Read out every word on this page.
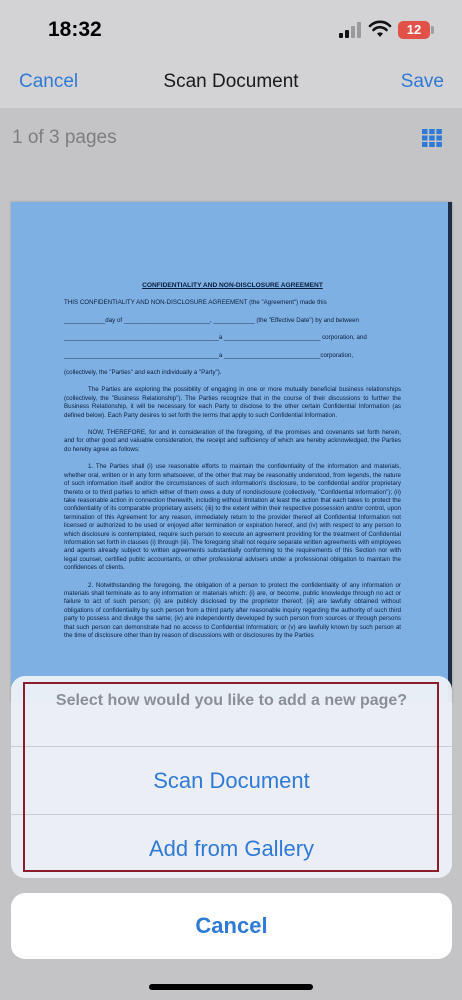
18:32	12
Cancel	Scan Document	Save
1 of 3 pages
CONFIDENTIALITY AND NON-DISCLOSURE AGREEMENT
THIS CONFIDENTIALITY AND NON-DISCLOSURE AGREEMENT (the "Agreement") made this
____________day of _________________________, ____________ (the "Effective Date") by and between
_____________________________________________a ____________________________ corporation, and
_____________________________________________a ____________________________corporation,
(collectively, the "Parties" and each individually a "Party").
The Parties are exploring the possibility of engaging in one or more mutually beneficial business relationships (collectively, the "Business Relationship"). The Parties recognize that in the course of their discussions to further the Business Relationship, it will be necessary for each Party to disclose to the other certain Confidential Information (as defined below). Each Party desires to set forth the terms that apply to such Confidential Information.
NOW, THEREFORE, for and in consideration of the foregoing, of the promises and covenants set forth herein, and for other good and valuable consideration, the receipt and sufficiency of which are hereby acknowledged, the Parties do hereby agree as follows:
1. The Parties shall (i) use reasonable efforts to maintain the confidentiality of the information and materials, whether oral, written or in any form whatsoever, of the other that may be reasonably understood, from legends, the nature of such information itself and/or the circumstances of such information's disclosure, to be confidential and/or proprietary thereto or to third parties to which either of them owes a duty of nondisclosure (collectively, "Confidential Information"); (ii) take reasonable action in connection therewith, including without limitation at least the action that each takes to protect the confidentiality of its comparable proprietary assets; (iii) to the extent within their respective possession and/or control, upon termination of this Agreement for any reason, immediately return to the provider thereof all Confidential Information not licensed or authorized to be used or enjoyed after termination or expiration hereof, and (iv) with respect to any person to which disclosure is contemplated, require such person to execute an agreement providing for the treatment of Confidential Information set forth in clauses (i) through (iii). The foregoing shall not require separate written agreements with employees and agents already subject to written agreements substantially conforming to the requirements of this Section nor with legal counsel, certified public accountants, or other professional advisers under a professional obligation to maintain the confidences of clients.
2. Notwithstanding the foregoing, the obligation of a person to protect the confidentiality of any information or materials shall terminate as to any information or materials which: (i) are, or become, public knowledge through no act or failure to act of such person; (ii) are publicly disclosed by the proprietor thereof; (iii) are lawfully obtained without obligations of confidentiality by such person from a third party after reasonable inquiry regarding the authority of such third party to possess and divulge the same; (iv) are independently developed by such person from sources or through persons that such person can demonstrate had no access to Confidential Information; or (v) are lawfully known by such person at the time of disclosure other than by reason of discussions with or disclosures by the Parties
Select how would you like to add a new page?
Scan Document
Add from Gallery
Cancel
